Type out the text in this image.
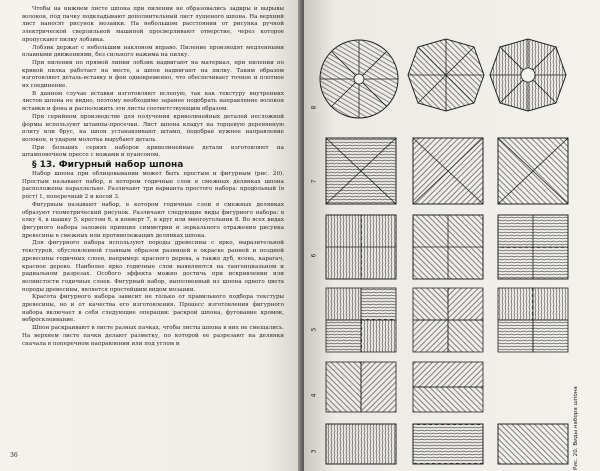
Чтобы на нижнем листе шпона при пилении не образовались задиры и вырывы волокон, под пачку подкладывают дополнительный лист лущеного шпона. На верхний лист наносят рисунок мозаики. На небольшом расстоянии от рисунка ручной электрической сверлильной машиной просверливают отверстие, через которое пропускают пилку лобзика.

Лобзик держат с небольшим наклоном вправо. Пиление производят медленными плавными движениями, без сильного нажима на пилку.

При пилении по прямой линии лобзик надвигают на материал, при пилении по кривой пилка работает на месте, а шпон надвигают на пилку. Таким образом изготовляют деталь-вставку и фон одновременно, что обеспечивает точное и плотное их соединение.

В данном случае вставки изготовляют вслепую, так как текстуру внутренних листов шпона не видно, поэтому необходимо заранее подобрать направление волокон вставки и фона и расположить эти листы соответствующим образом.

При серийном производстве для получения криволинейных деталей несложной формы используют штампы-просечки. Лист шпона кладут на торцевую деревянную плиту или брус, на шпон устанавливают штамп, подобрав нужное направление волокон, и ударом молотка вырубают деталь.

При больших сериях наборов криволинейные детали изготовляют на штамповочном прессе с ножами и пуансоном.

§ 13. Фигурный набор шпона

Набор шпона при облицовывании может быть простым и фигурным (рис. 20). Простым называют набор, в котором годичные слои в смежных делянках шпона расположены параллельно. Различают три варианта простого набора: продольный (в рост) 1, поперечный 2 и косой 3.

Фигурным называют набор, в котором годичные слои в смежных делянках образуют геометрический рисунок. Различают следующие виды фигурного набора: в елку 4, в шашку 5, крестом 6, в конверт 7, в круг или многоугольник 8. Во всех видах фигурного набора заложен принцип симметрии и зеркального отражения рисунка древесины в смежных или противолежащих делянках шпона.

Для фигурного набора используют породы древесины с ярко, выразительной текстурой, обусловленной главным образом разницей в окраске ранней и поздней древесины годичных слоев, например: красного дерева, а также дуб, ясень, карагач, красное дерево. Наиболее ярко годичные слои выявляются на тангенциальном и радиальном разрезах. Особого эффекта можно достичь при искривлении или волнистости годичных слоев. Фигурный набор, выполненный из шпона одного цвета породы древесины, является простейшим видом мозаики.

Красота фигурного набора зависит не только от правильного подбора текстуры древесины, но и от качества его изготовления. Процесс изготовления фигурного набора включает в себя следующие операции: раскрой шпона, фугование кромок, вебросклеивание.

Шпон раскраивают в листе разных пачках, чтобы листы шпона в них не смещались. На верхнем листе пачки делают разметку, по которой ее разрезают на делянки сначала в поперечном направлении или под углом и

36
8
7
6
5
4
3	Рис. 20. Виды набора шпона
